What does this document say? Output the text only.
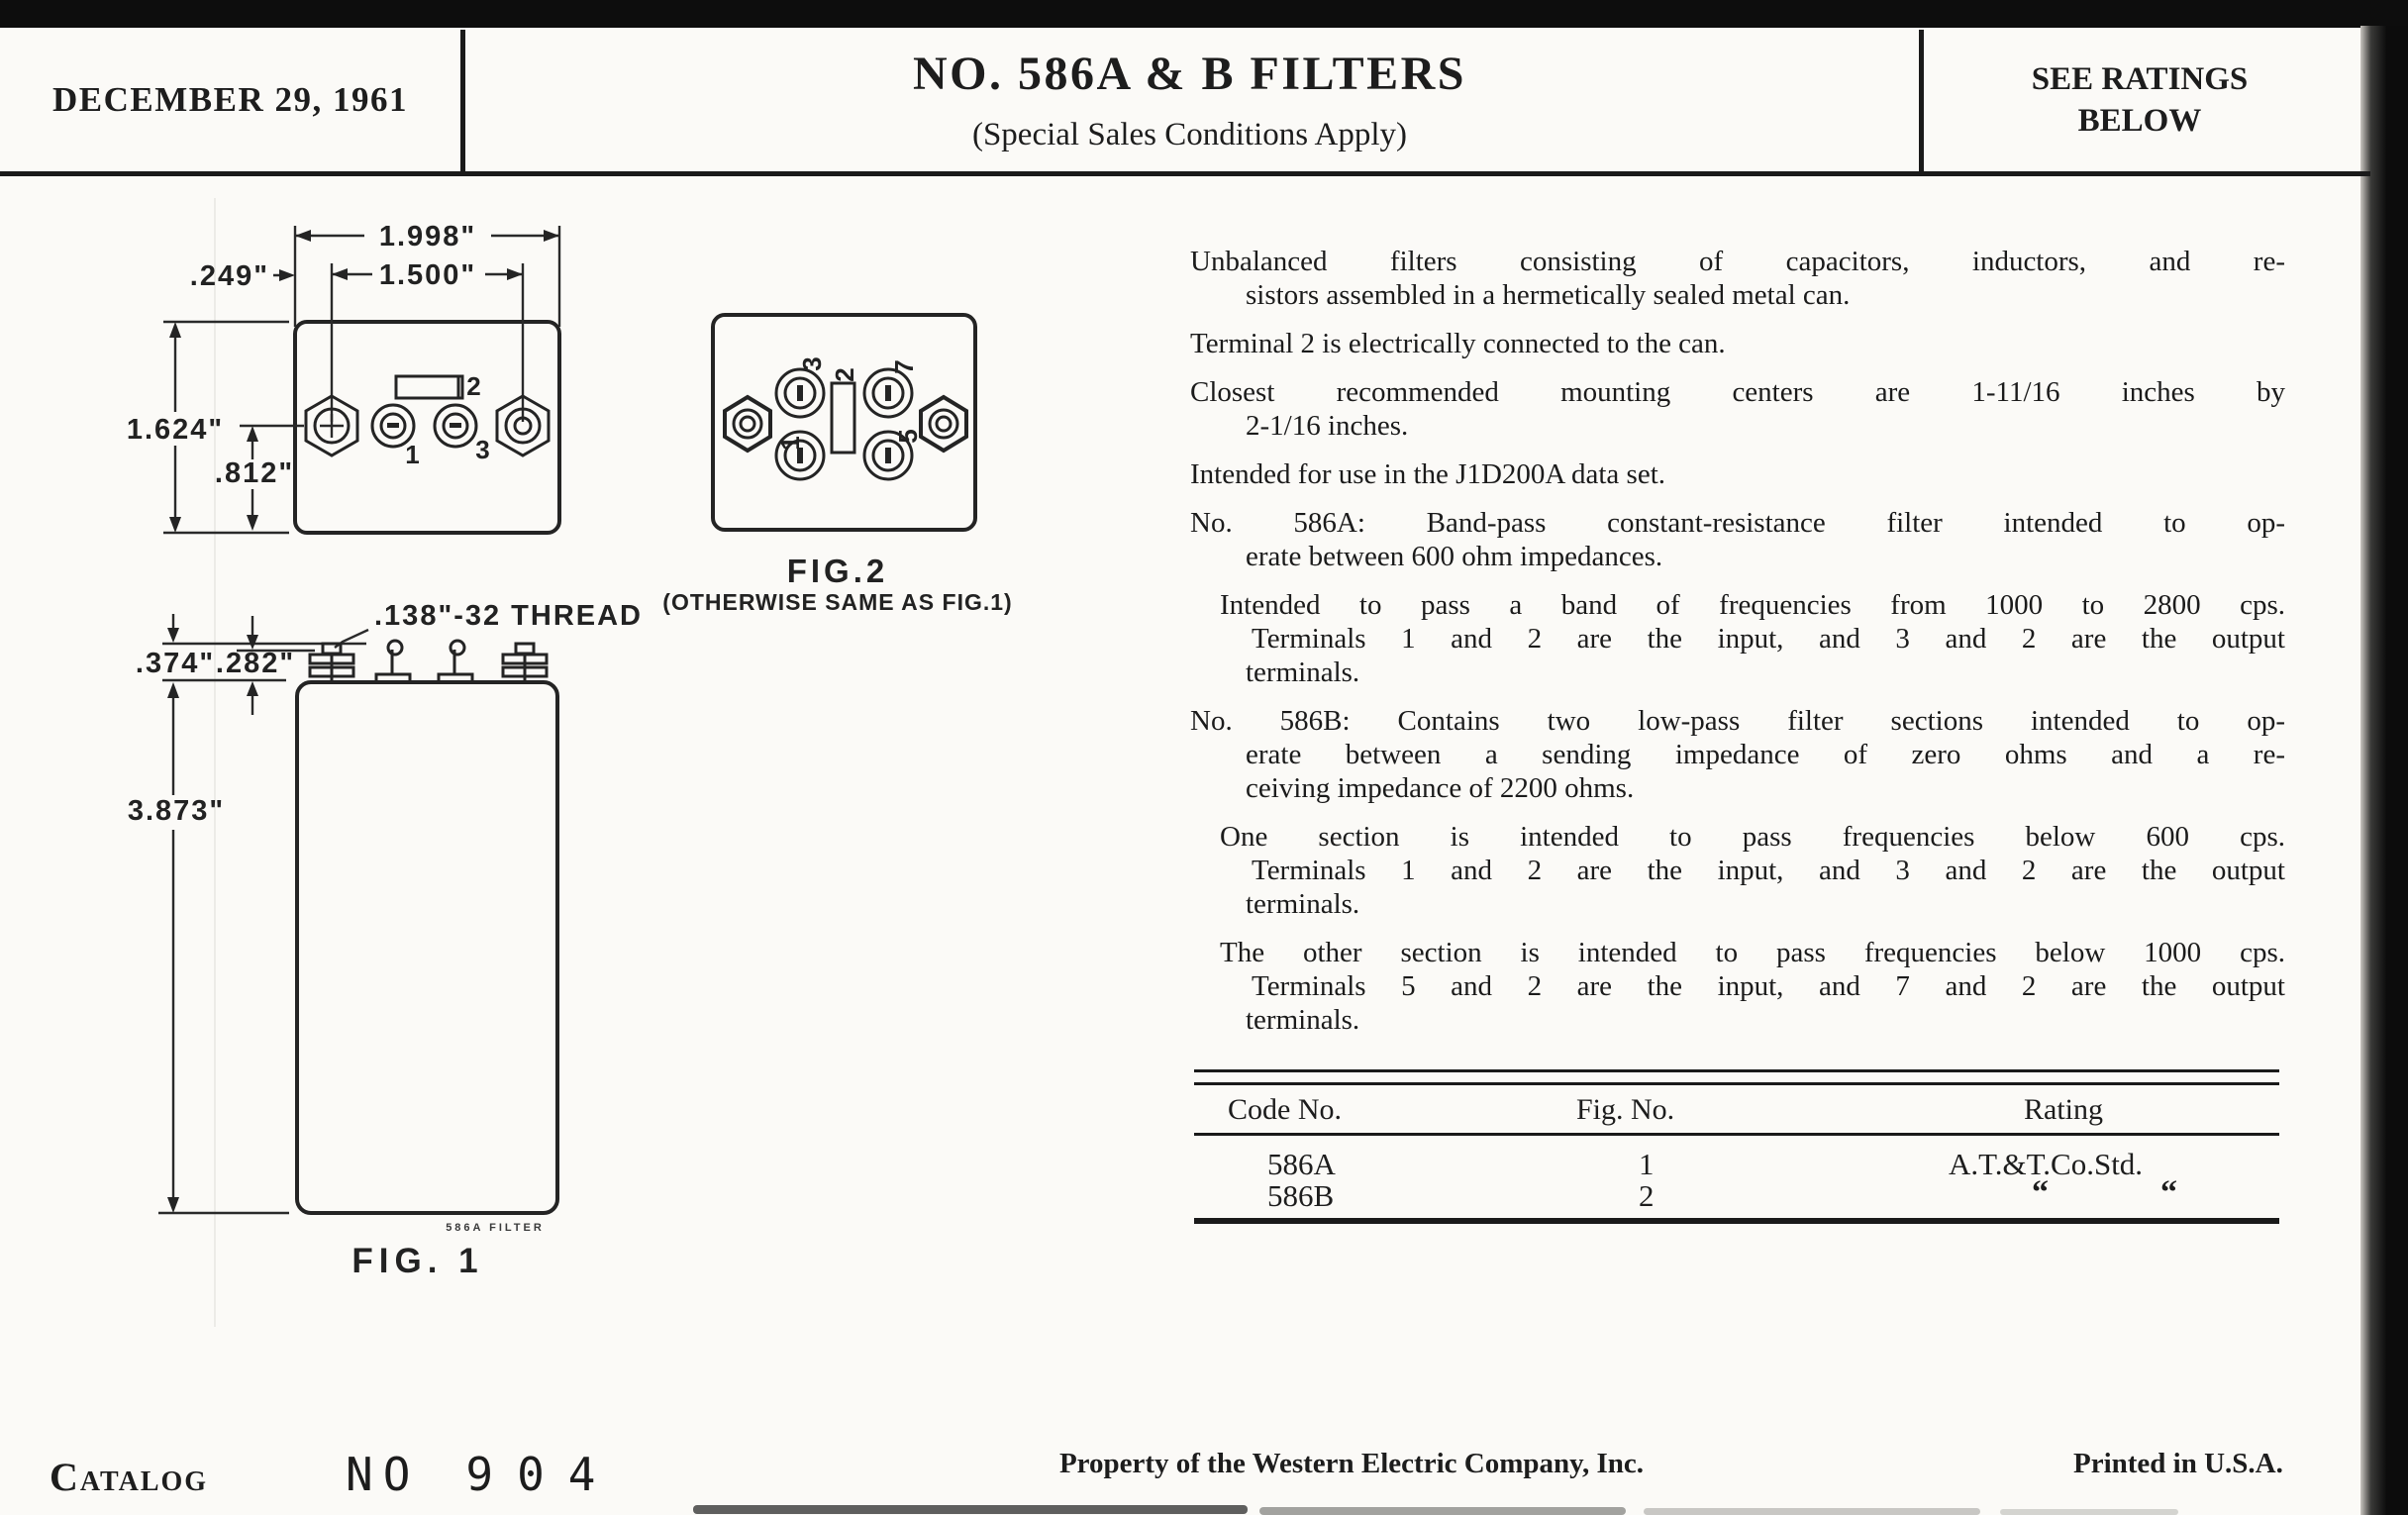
DECEMBER 29, 1961	NO. 586A & B FILTERS
(Special Sales Conditions Apply)
SEE RATINGS
BELOW
1.998"
1.500"
.249"
1.624"
.812"
2
1 3
3 7
1	5
2
FIG.2
(OTHERWISE SAME AS FIG.1)
.374" .282"
3.873"
.138"-32 THREAD
586A FILTER
FIG. 1
Unbalanced filters consisting of capacitors, inductors, and re-
sistors assembled in a hermetically sealed metal can.
Terminal 2 is electrically connected to the can.
Closest recommended mounting centers are 1-11/16 inches by
2-1/16 inches.
Intended for use in the J1D200A data set.
No. 586A: Band-pass constant-resistance filter intended to op-
erate between 600 ohm impedances.
Intended to pass a band of frequencies from 1000 to 2800 cps.
Terminals 1 and 2 are the input, and 3 and 2 are the output
terminals.
No. 586B: Contains two low-pass filter sections intended to op-
erate between a sending impedance of zero ohms and a re-
ceiving impedance of 2200 ohms.
One section is intended to pass frequencies below 600 cps.
Terminals 1 and 2 are the input, and 3 and 2 are the output
terminals.
The other section is intended to pass frequencies below 1000 cps.
Terminals 5 and 2 are the input, and 7 and 2 are the output
terminals.
Code No.	Fig. No.	Rating
586A	1	A.T.&T.Co.Std.
586B	2	“	“
Catalog	NO 904	Property of the Western Electric Company, Inc.	Printed in U.S.A.
